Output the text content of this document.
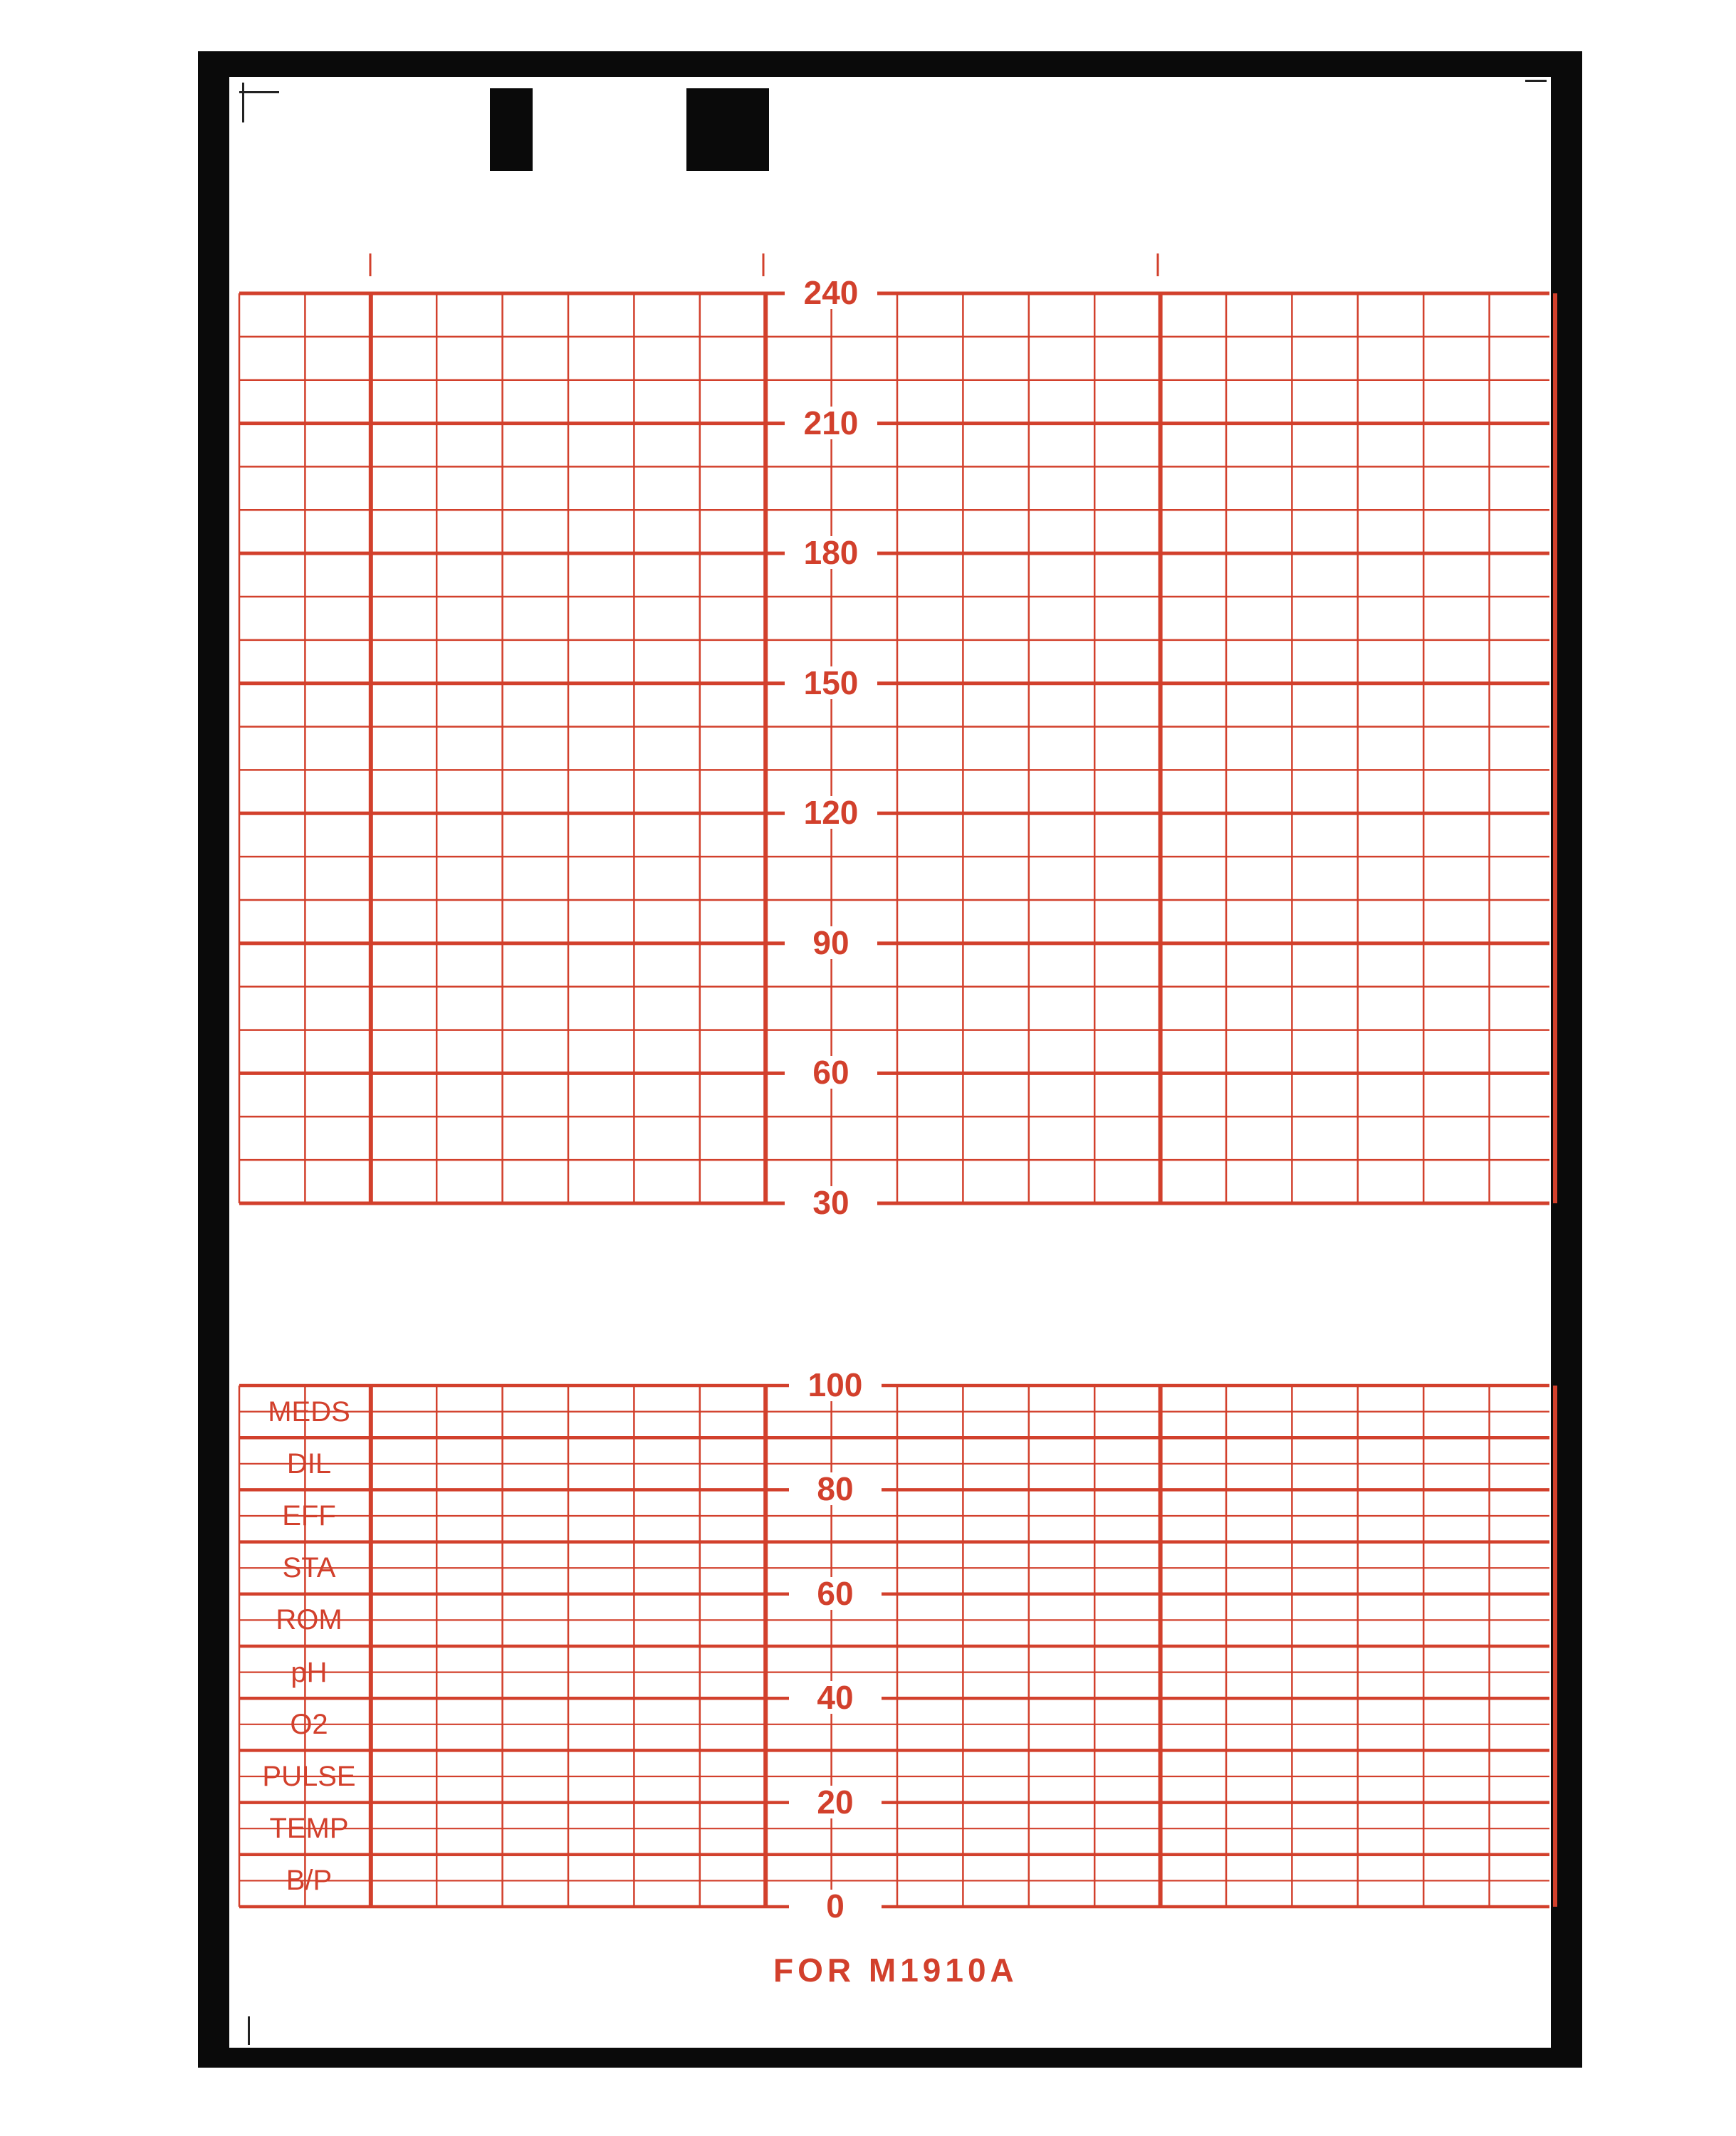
240
210
180
150
120
90
60
30
100
80
60
40
20
0
MEDS
DIL
EFF
STA
ROM
pH
O2
PULSE
TEMP
B/P
FOR M1910A
